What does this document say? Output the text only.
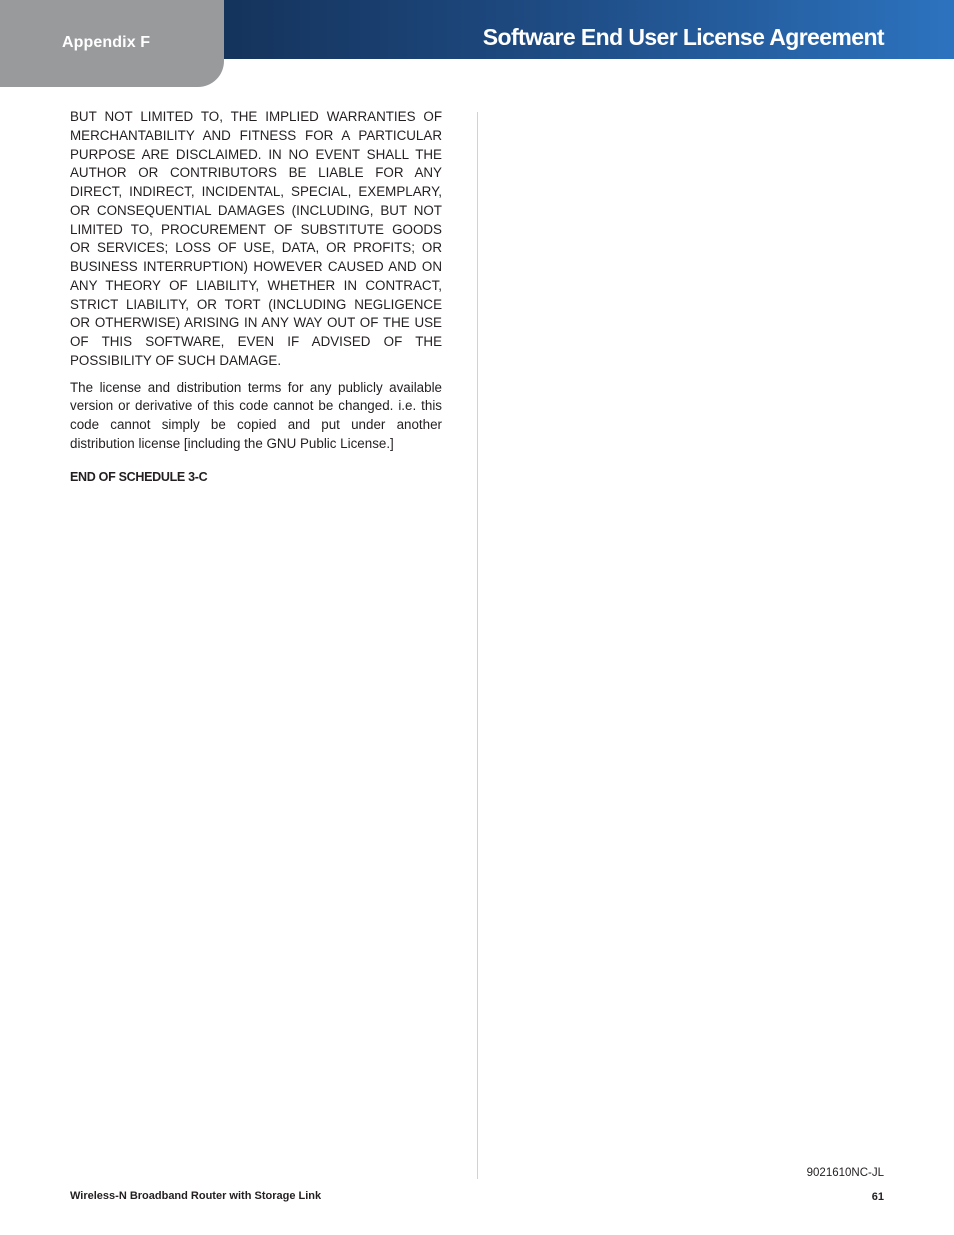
Appendix F	Software End User License Agreement

BUT NOT LIMITED TO, THE IMPLIED WARRANTIES OF MERCHANTABILITY AND FITNESS FOR A PARTICULAR PURPOSE ARE DISCLAIMED. IN NO EVENT SHALL THE AUTHOR OR CONTRIBUTORS BE LIABLE FOR ANY DIRECT, INDIRECT, INCIDENTAL, SPECIAL, EXEMPLARY, OR CONSEQUENTIAL DAMAGES (INCLUDING, BUT NOT LIMITED TO, PROCUREMENT OF SUBSTITUTE GOODS OR SERVICES; LOSS OF USE, DATA, OR PROFITS; OR BUSINESS INTERRUPTION) HOWEVER CAUSED AND ON ANY THEORY OF LIABILITY, WHETHER IN CONTRACT, STRICT LIABILITY, OR TORT (INCLUDING NEGLIGENCE OR OTHERWISE) ARISING IN ANY WAY OUT OF THE USE OF THIS SOFTWARE, EVEN IF ADVISED OF THE POSSIBILITY OF SUCH DAMAGE.

The license and distribution terms for any publicly available version or derivative of this code cannot be changed. i.e. this code cannot simply be copied and put under another distribution license [including the GNU Public License.]

END OF SCHEDULE 3-C
9021610NC-JL
Wireless-N Broadband Router with Storage Link	61
